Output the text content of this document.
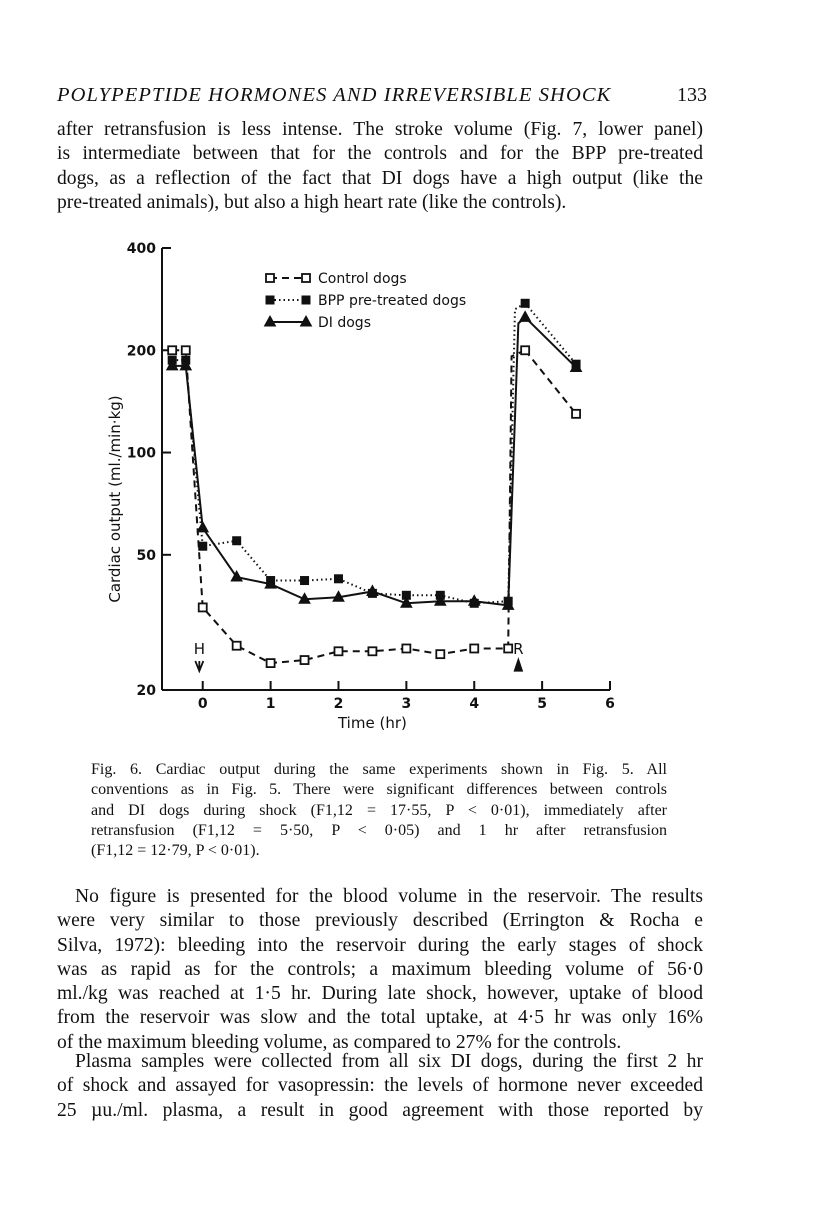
POLYPEPTIDE HORMONES AND IRREVERSIBLE SHOCK	133

after retransfusion is less intense. The stroke volume (Fig. 7, lower panel)
is intermediate between that for the controls and for the BPP pre-treated
dogs, as a reflection of the fact that DI dogs have a high output (like the
pre-treated animals), but also a high heart rate (like the controls).

Control dogs
BPP pre-treated dogs
DI dogs
20
50
100
200
400
0	1	2	3	4	5	6
Time (hr)
Cardiac output (ml./min·kg)
H	R

Fig. 6. Cardiac output during the same experiments shown in Fig. 5. All
conventions as in Fig. 5. There were significant differences between controls
and DI dogs during shock (F1,12 = 17·55, P < 0·01), immediately after
retransfusion (F1,12 = 5·50, P < 0·05) and 1 hr after retransfusion
(F1,12 = 12·79, P < 0·01).

No figure is presented for the blood volume in the reservoir. The results
were very similar to those previously described (Errington & Rocha e
Silva, 1972): bleeding into the reservoir during the early stages of shock
was as rapid as for the controls; a maximum bleeding volume of 56·0
ml./kg was reached at 1·5 hr. During late shock, however, uptake of blood
from the reservoir was slow and the total uptake, at 4·5 hr was only 16%
of the maximum bleeding volume, as compared to 27% for the controls.

Plasma samples were collected from all six DI dogs, during the first 2 hr
of shock and assayed for vasopressin: the levels of hormone never exceeded
25 µu./ml. plasma, a result in good agreement with those reported by
